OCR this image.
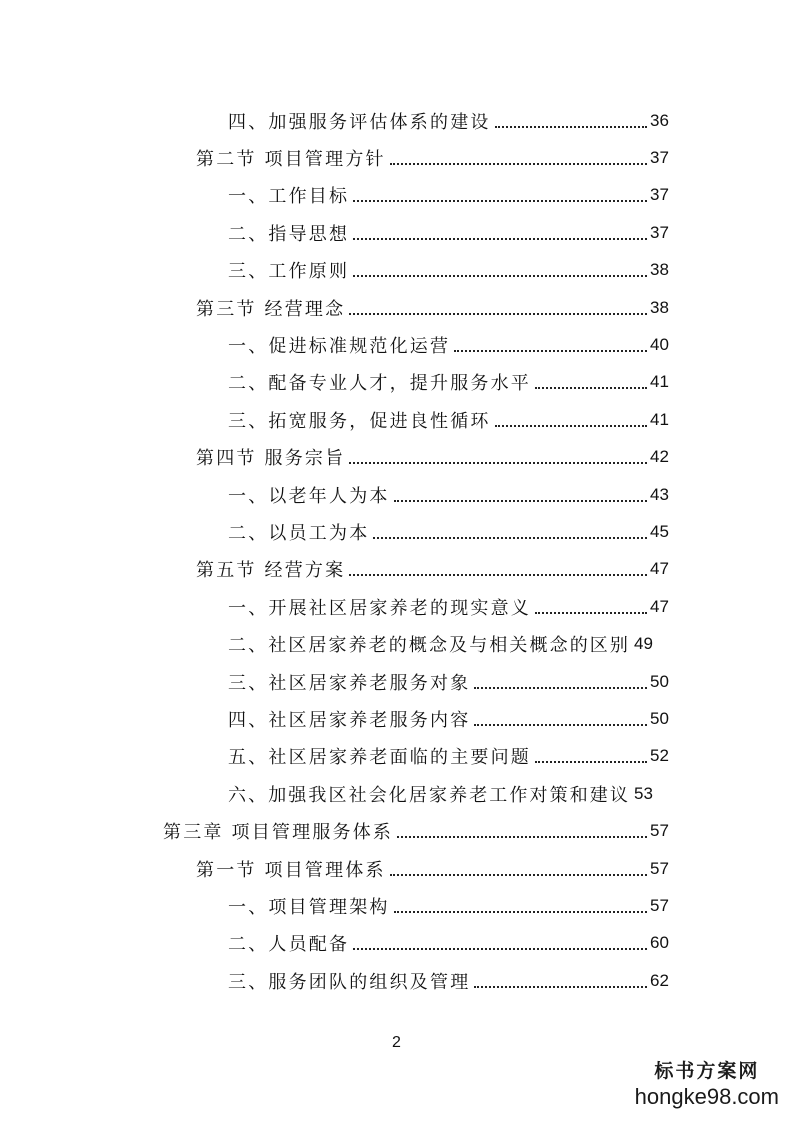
四、加强服务评估体系的建设	36
第二节 项目管理方针	37
一、工作目标	37
二、指导思想	37
三、工作原则	38
第三节 经营理念	38
一、促进标准规范化运营	40
二、配备专业人才，提升服务水平	41
三、拓宽服务，促进良性循环	41
第四节 服务宗旨	42
一、以老年人为本	43
二、以员工为本	45
第五节 经营方案	47
一、开展社区居家养老的现实意义	47
二、社区居家养老的概念及与相关概念的区别 49
三、社区居家养老服务对象	50
四、社区居家养老服务内容	50
五、社区居家养老面临的主要问题	52
六、加强我区社会化居家养老工作对策和建议 53
第三章 项目管理服务体系	57
第一节 项目管理体系	57
一、项目管理架构	57
二、人员配备	60
三、服务团队的组织及管理	62
2
标书方案网
hongke98.com
